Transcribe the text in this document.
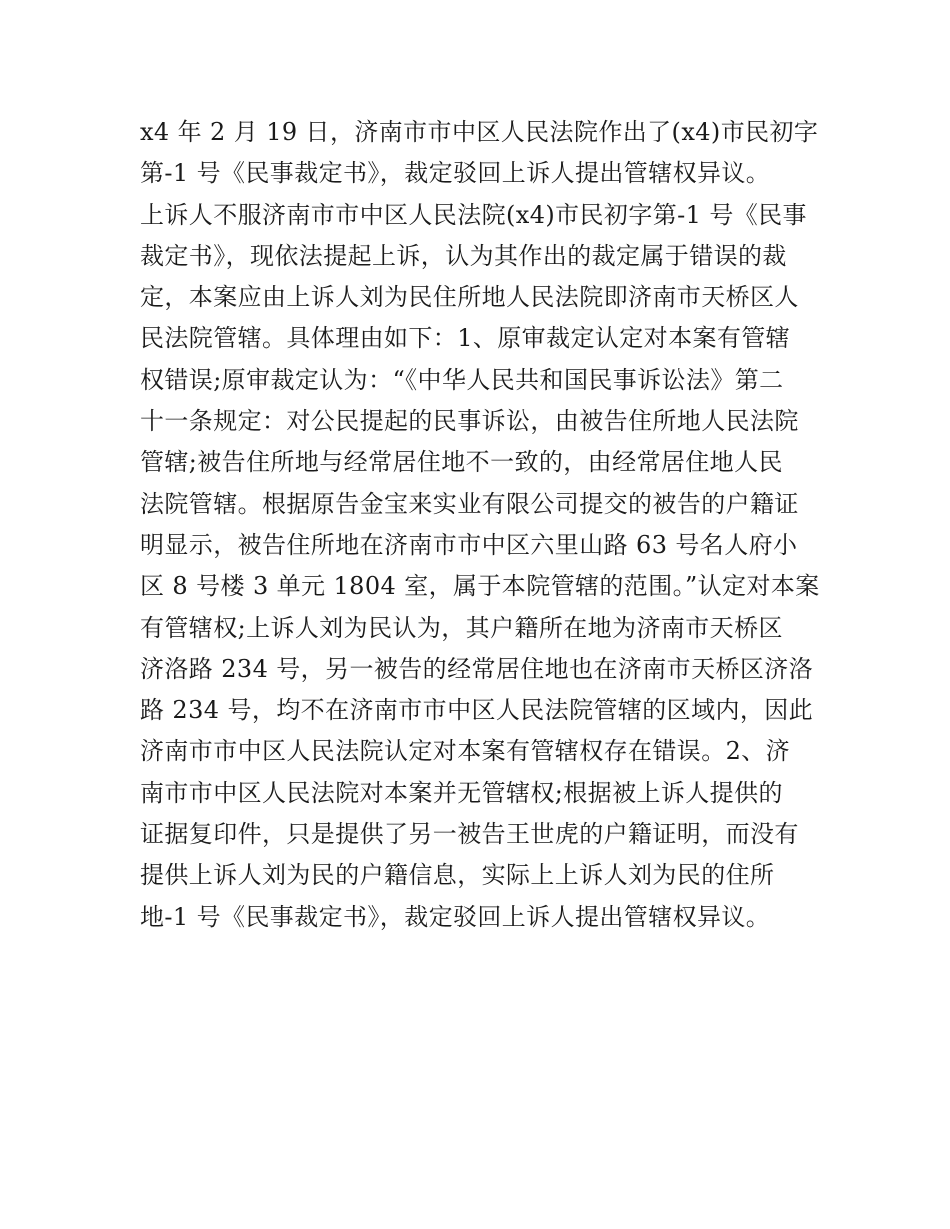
x4 年 2 月 19 日，济南市市中区人民法院作出了(x4)市民初字
第-1 号《民事裁定书》，裁定驳回上诉人提出管辖权异议。
上诉人不服济南市市中区人民法院(x4)市民初字第-1 号《民事
裁定书》，现依法提起上诉，认为其作出的裁定属于错误的裁
定，本案应由上诉人刘为民住所地人民法院即济南市天桥区人
民法院管辖。具体理由如下：1、原审裁定认定对本案有管辖
权错误;原审裁定认为：“《中华人民共和国民事诉讼法》第二
十一条规定：对公民提起的民事诉讼，由被告住所地人民法院
管辖;被告住所地与经常居住地不一致的，由经常居住地人民
法院管辖。根据原告金宝来实业有限公司提交的被告的户籍证
明显示，被告住所地在济南市市中区六里山路 63 号名人府小
区 8 号楼 3 单元 1804 室，属于本院管辖的范围。”认定对本案
有管辖权;上诉人刘为民认为，其户籍所在地为济南市天桥区
济洛路 234 号，另一被告的经常居住地也在济南市天桥区济洛
路 234 号，均不在济南市市中区人民法院管辖的区域内，因此
济南市市中区人民法院认定对本案有管辖权存在错误。2、济
南市市中区人民法院对本案并无管辖权;根据被上诉人提供的
证据复印件，只是提供了另一被告王世虎的户籍证明，而没有
提供上诉人刘为民的户籍信息，实际上上诉人刘为民的住所
地-1 号《民事裁定书》，裁定驳回上诉人提出管辖权异议。
